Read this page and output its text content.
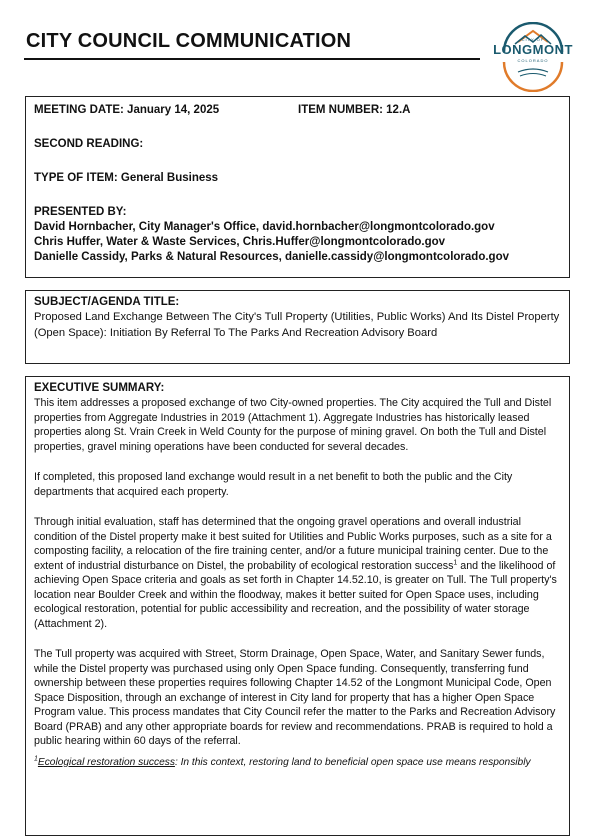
CITY COUNCIL COMMUNICATION	CITY OF
LONGMONT
COLORADO
MEETING DATE: January 14, 2025	ITEM NUMBER: 12.A
SECOND READING:
TYPE OF ITEM: General Business
PRESENTED BY:
David Hornbacher, City Manager's Office, david.hornbacher@longmontcolorado.gov
Chris Huffer, Water & Waste Services, Chris.Huffer@longmontcolorado.gov
Danielle Cassidy, Parks & Natural Resources, danielle.cassidy@longmontcolorado.gov
SUBJECT/AGENDA TITLE:
Proposed Land Exchange Between The City's Tull Property (Utilities, Public Works) And Its Distel Property (Open Space): Initiation By Referral To The Parks And Recreation Advisory Board
EXECUTIVE SUMMARY:

This item addresses a proposed exchange of two City-owned properties. The City acquired the Tull and Distel properties from Aggregate Industries in 2019 (Attachment 1). Aggregate Industries has historically leased properties along St. Vrain Creek in Weld County for the purpose of mining gravel. On both the Tull and Distel properties, gravel mining operations have been conducted for several decades.

If completed, this proposed land exchange would result in a net benefit to both the public and the City departments that acquired each property.

Through initial evaluation, staff has determined that the ongoing gravel operations and overall industrial condition of the Distel property make it best suited for Utilities and Public Works purposes, such as a site for a composting facility, a relocation of the fire training center, and/or a future municipal training center. Due to the extent of industrial disturbance on Distel, the probability of ecological restoration success$^1$ and the likelihood of achieving Open Space criteria and goals as set forth in Chapter 14.52.10, is greater on Tull. The Tull property's location near Boulder Creek and within the floodway, makes it better suited for Open Space uses, including ecological restoration, potential for public accessibility and recreation, and the possibility of water storage (Attachment 2).

The Tull property was acquired with Street, Storm Drainage, Open Space, Water, and Sanitary Sewer funds, while the Distel property was purchased using only Open Space funding. Consequently, transferring fund ownership between these properties requires following Chapter 14.52 of the Longmont Municipal Code, Open Space Disposition, through an exchange of interest in City land for property that has a higher Open Space Program value. This process mandates that City Council refer the matter to the Parks and Recreation Advisory Board (PRAB) and any other appropriate boards for review and recommendations. PRAB is required to hold a public hearing within 60 days of the referral.

$^1$Ecological restoration success: In this context, restoring land to beneficial open space use means responsibly
